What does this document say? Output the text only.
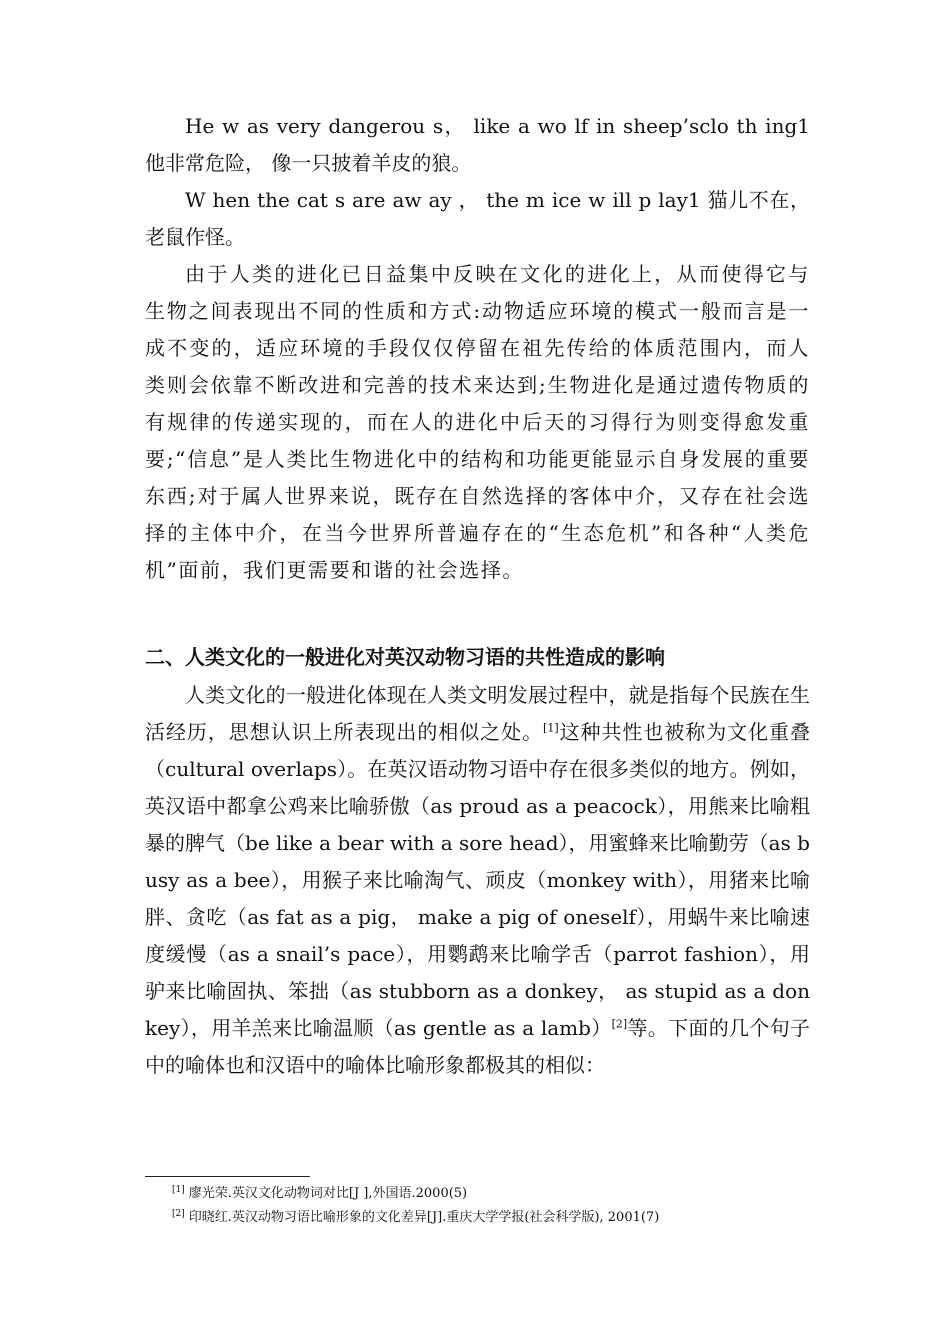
He w as very dangerou s， like a wo lf in sheep’sclo th ing1 他非常危险， 像一只披着羊皮的狼。

W hen the cat s are aw ay ， the m ice w ill p lay1 猫儿不在， 老鼠作怪。

由于人类的进化已日益集中反映在文化的进化上，从而使得它与生物之间表现出不同的性质和方式:动物适应环境的模式一般而言是一成不变的，适应环境的手段仅仅停留在祖先传给的体质范围内，而人类则会依靠不断改进和完善的技术来达到;生物进化是通过遗传物质的有规律的传递实现的，而在人的进化中后天的习得行为则变得愈发重要;“信息”是人类比生物进化中的结构和功能更能显示自身发展的重要东西;对于属人世界来说，既存在自然选择的客体中介，又存在社会选择的主体中介，在当今世界所普遍存在的“生态危机”和各种“人类危机”面前，我们更需要和谐的社会选择。

二、人类文化的一般进化对英汉动物习语的共性造成的影响

人类文化的一般进化体现在人类文明发展过程中，就是指每个民族在生活经历，思想认识上所表现出的相似之处。[1]这种共性也被称为文化重叠（cultural overlaps）。在英汉语动物习语中存在很多类似的地方。例如，英汉语中都拿公鸡来比喻骄傲（as proud as a peacock），用熊来比喻粗暴的脾气（be like a bear with a sore head），用蜜蜂来比喻勤劳（as busy as a bee），用猴子来比喻淘气、顽皮（monkey with），用猪来比喻胖、贪吃（as fat as a pig， make a pig of oneself），用蜗牛来比喻速度缓慢（as a snail’s pace），用鹦鹉来比喻学舌（parrot fashion），用驴来比喻固执、笨拙（as stubborn as a donkey， as stupid as a donkey），用羊羔来比喻温顺（as gentle as a lamb）[2]等。下面的几个句子中的喻体也和汉语中的喻体比喻形象都极其的相似：

[1] 廖光荣.英汉文化动物词对比[J ],外国语.2000(5)

[2] 印晓红.英汉动物习语比喻形象的文化差异[J].重庆大学学报(社会科学版), 2001(7)
